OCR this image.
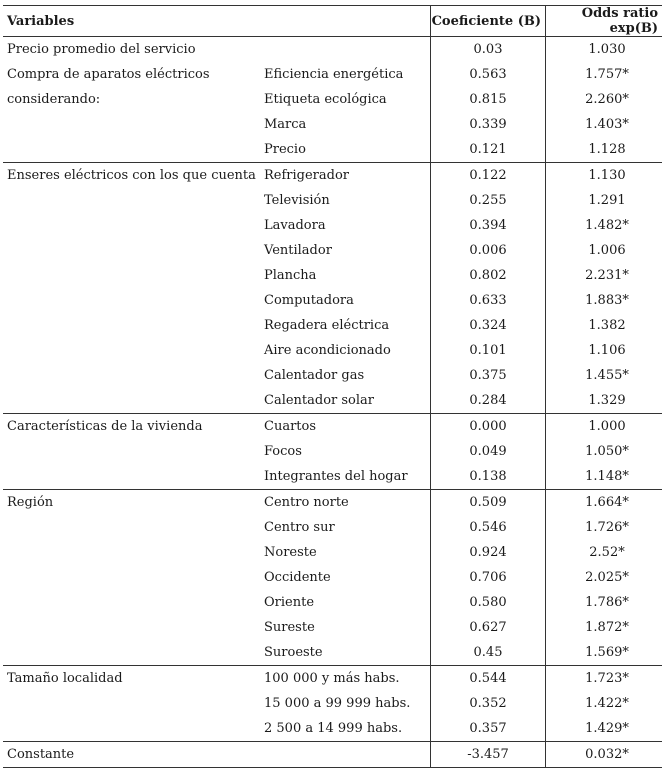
Variables		Coeficiente (B)	Odds ratio exp(B)
Precio promedio del servicio		0.03	1.030
Compra de aparatos eléctricos	Eficiencia energética	0.563	1.757*
considerando:	Etiqueta ecológica	0.815	2.260*
	Marca	0.339	1.403*
	Precio	0.121	1.128
Enseres eléctricos con los que cuenta	Refrigerador	0.122	1.130
	Televisión	0.255	1.291
	Lavadora	0.394	1.482*
	Ventilador	0.006	1.006
	Plancha	0.802	2.231*
	Computadora	0.633	1.883*
	Regadera eléctrica	0.324	1.382
	Aire acondicionado	0.101	1.106
	Calentador gas	0.375	1.455*
	Calentador solar	0.284	1.329
Características de la vivienda	Cuartos	0.000	1.000
	Focos	0.049	1.050*
	Integrantes del hogar	0.138	1.148*
Región	Centro norte	0.509	1.664*
	Centro sur	0.546	1.726*
	Noreste	0.924	2.52*
	Occidente	0.706	2.025*
	Oriente	0.580	1.786*
	Sureste	0.627	1.872*
	Suroeste	0.45	1.569*
Tamaño localidad	100 000 y más habs.	0.544	1.723*
	15 000 a 99 999 habs.	0.352	1.422*
	2 500 a 14 999 habs.	0.357	1.429*
Constante		-3.457	0.032*
